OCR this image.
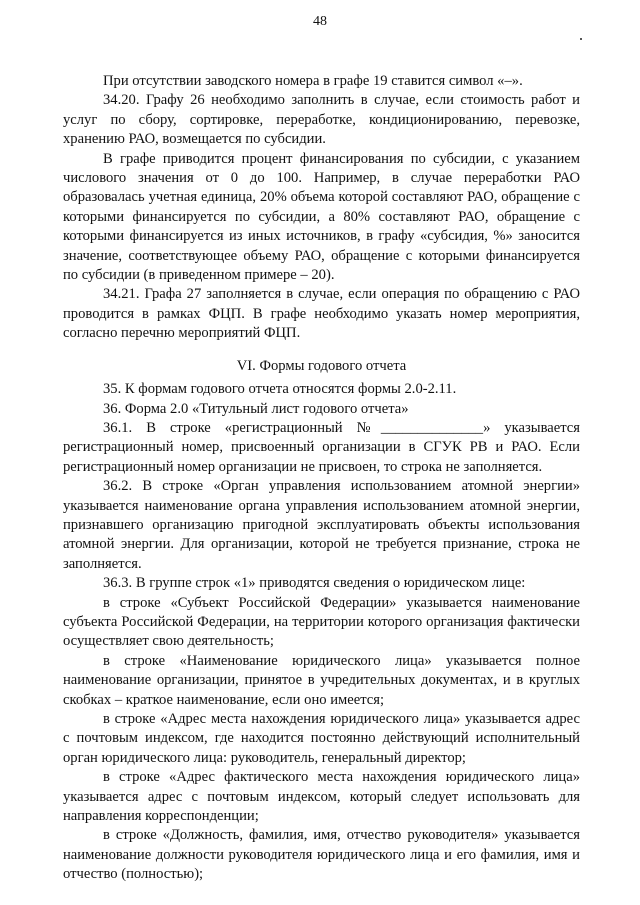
48

При отсутствии заводского номера в графе 19 ставится символ «–».

34.20. Графу 26 необходимо заполнить в случае, если стоимость работ и услуг по сбору, сортировке, переработке, кондиционированию, перевозке, хранению РАО, возмещается по субсидии.

В графе приводится процент финансирования по субсидии, с указанием числового значения от 0 до 100. Например, в случае переработки РАО образовалась учетная единица, 20% объема которой составляют РАО, обращение с которыми финансируется по субсидии, а 80% составляют РАО, обращение с которыми финансируется из иных источников, в графу «субсидия, %» заносится значение, соответствующее объему РАО, обращение с которыми финансируется по субсидии (в приведенном примере – 20).

34.21. Графа 27 заполняется в случае, если операция по обращению с РАО проводится в рамках ФЦП. В графе необходимо указать номер мероприятия, согласно перечню мероприятий ФЦП.

VI. Формы годового отчета

35. К формам годового отчета относятся формы 2.0-2.11.

36. Форма 2.0 «Титульный лист годового отчета»

36.1. В строке «регистрационный №______________» указывается регистрационный номер, присвоенный организации в СГУК РВ и РАО. Если регистрационный номер организации не присвоен, то строка не заполняется.

36.2. В строке «Орган управления использованием атомной энергии» указывается наименование органа управления использованием атомной энергии, признавшего организацию пригодной эксплуатировать объекты использования атомной энергии. Для организации, которой не требуется признание, строка не заполняется.

36.3. В группе строк «1» приводятся сведения о юридическом лице:

в строке «Субъект Российской Федерации» указывается наименование субъекта Российской Федерации, на территории которого организация фактически осуществляет свою деятельность;

в строке «Наименование юридического лица» указывается полное наименование организации, принятое в учредительных документах, и в круглых скобках – краткое наименование, если оно имеется;

в строке «Адрес места нахождения юридического лица» указывается адрес с почтовым индексом, где находится постоянно действующий исполнительный орган юридического лица: руководитель, генеральный директор;

в строке «Адрес фактического места нахождения юридического лица» указывается адрес с почтовым индексом, который следует использовать для направления корреспонденции;

в строке «Должность, фамилия, имя, отчество руководителя» указывается наименование должности руководителя юридического лица и его фамилия, имя и отчество (полностью);
